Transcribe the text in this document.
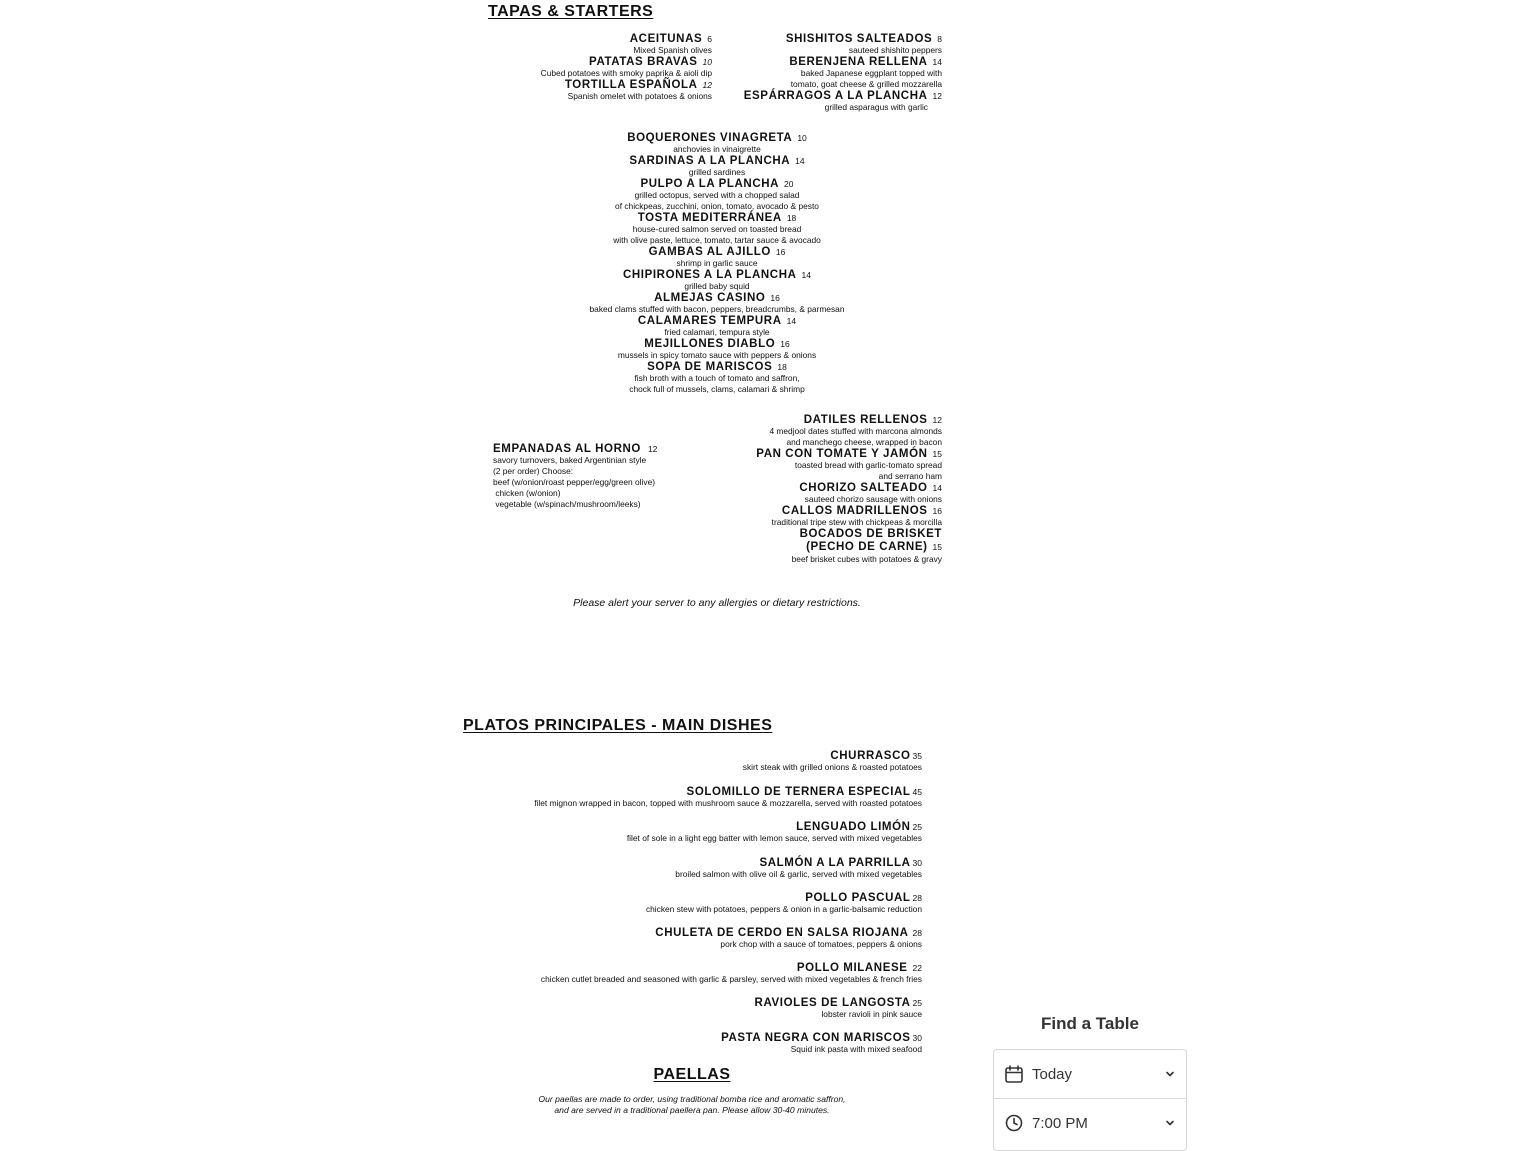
TAPAS & STARTERS
ACEITUNAS 6
Mixed Spanish olives
PATATAS BRAVAS 10
Cubed potatoes with smoky paprika & aioli dip
TORTILLA ESPAÑOLA 12
Spanish omelet with potatoes & onions
SHISHITOS SALTEADOS 8
sauteed shishito peppers
BERENJENA RELLENA 14
baked Japanese eggplant topped with
tomato, goat cheese & grilled mozzarella
ESPÁRRAGOS A LA PLANCHA 12
grilled asparagus with garlic
BOQUERONES VINAGRETA 10
anchovies in vinaigrette
SARDINAS A LA PLANCHA 14
grilled sardines
PULPO A LA PLANCHA 20
grilled octopus, served with a chopped salad
of chickpeas, zucchini, onion, tomato, avocado & pesto
TOSTA MEDITERRÁNEA 18
house-cured salmon served on toasted bread
with olive paste, lettuce, tomato, tartar sauce & avocado
GAMBAS AL AJILLO 16
shrimp in garlic sauce
CHIPIRONES A LA PLANCHA 14
grilled baby squid
ALMEJAS CASINO 16
baked clams stuffed with bacon, peppers, breadcrumbs, & parmesan
CALAMARES TEMPURA 14
fried calamari, tempura style
MEJILLONES DIABLO 16
mussels in spicy tomato sauce with peppers & onions
SOPA DE MARISCOS 18
fish broth with a touch of tomato and saffron,
chock full of mussels, clams, calamari & shrimp
EMPANADAS AL HORNO 12
savory turnovers, baked Argentinian style
(2 per order) Choose:
beef (w/onion/roast pepper/egg/green olive)
chicken (w/onion)
vegetable (w/spinach/mushroom/leeks)
DATILES RELLENOS 12
4 medjool dates stuffed with marcona almonds
and manchego cheese, wrapped in bacon
PAN CON TOMATE Y JAMÓN 15
toasted bread with garlic-tomato spread
and serrano ham
CHORIZO SALTEADO 14
sauteed chorizo sausage with onions
CALLOS MADRILLENOS 16
traditional tripe stew with chickpeas & morcilla
BOCADOS DE BRISKET
(PECHO DE CARNE) 15
beef brisket cubes with potatoes & gravy
Please alert your server to any allergies or dietary restrictions.
PLATOS PRINCIPALES - MAIN DISHES
CHURRASCO 35
skirt steak with grilled onions & roasted potatoes
SOLOMILLO DE TERNERA ESPECIAL 45
filet mignon wrapped in bacon, topped with mushroom sauce & mozzarella, served with roasted potatoes
LENGUADO LIMÓN 25
filet of sole in a light egg batter with lemon sauce, served with mixed vegetables
SALMÓN A LA PARRILLA 30
broiled salmon with olive oil & garlic, served with mixed vegetables
POLLO PASCUAL 28
chicken stew with potatoes, peppers & onion in a garlic-balsamic reduction
CHULETA DE CERDO EN SALSA RIOJANA 28
pork chop with a sauce of tomatoes, peppers & onions
POLLO MILANESE 22
chicken cutlet breaded and seasoned with garlic & parsley, served with mixed vegetables & french fries
RAVIOLES DE LANGOSTA 25
lobster ravioli in pink sauce
PASTA NEGRA CON MARISCOS 30
Squid ink pasta with mixed seafood
PAELLAS
Our paellas are made to order, using traditional bomba rice and aromatic saffron,
and are served in a traditional paellera pan. Please allow 30-40 minutes.
Find a Table
Today
7:00 PM
